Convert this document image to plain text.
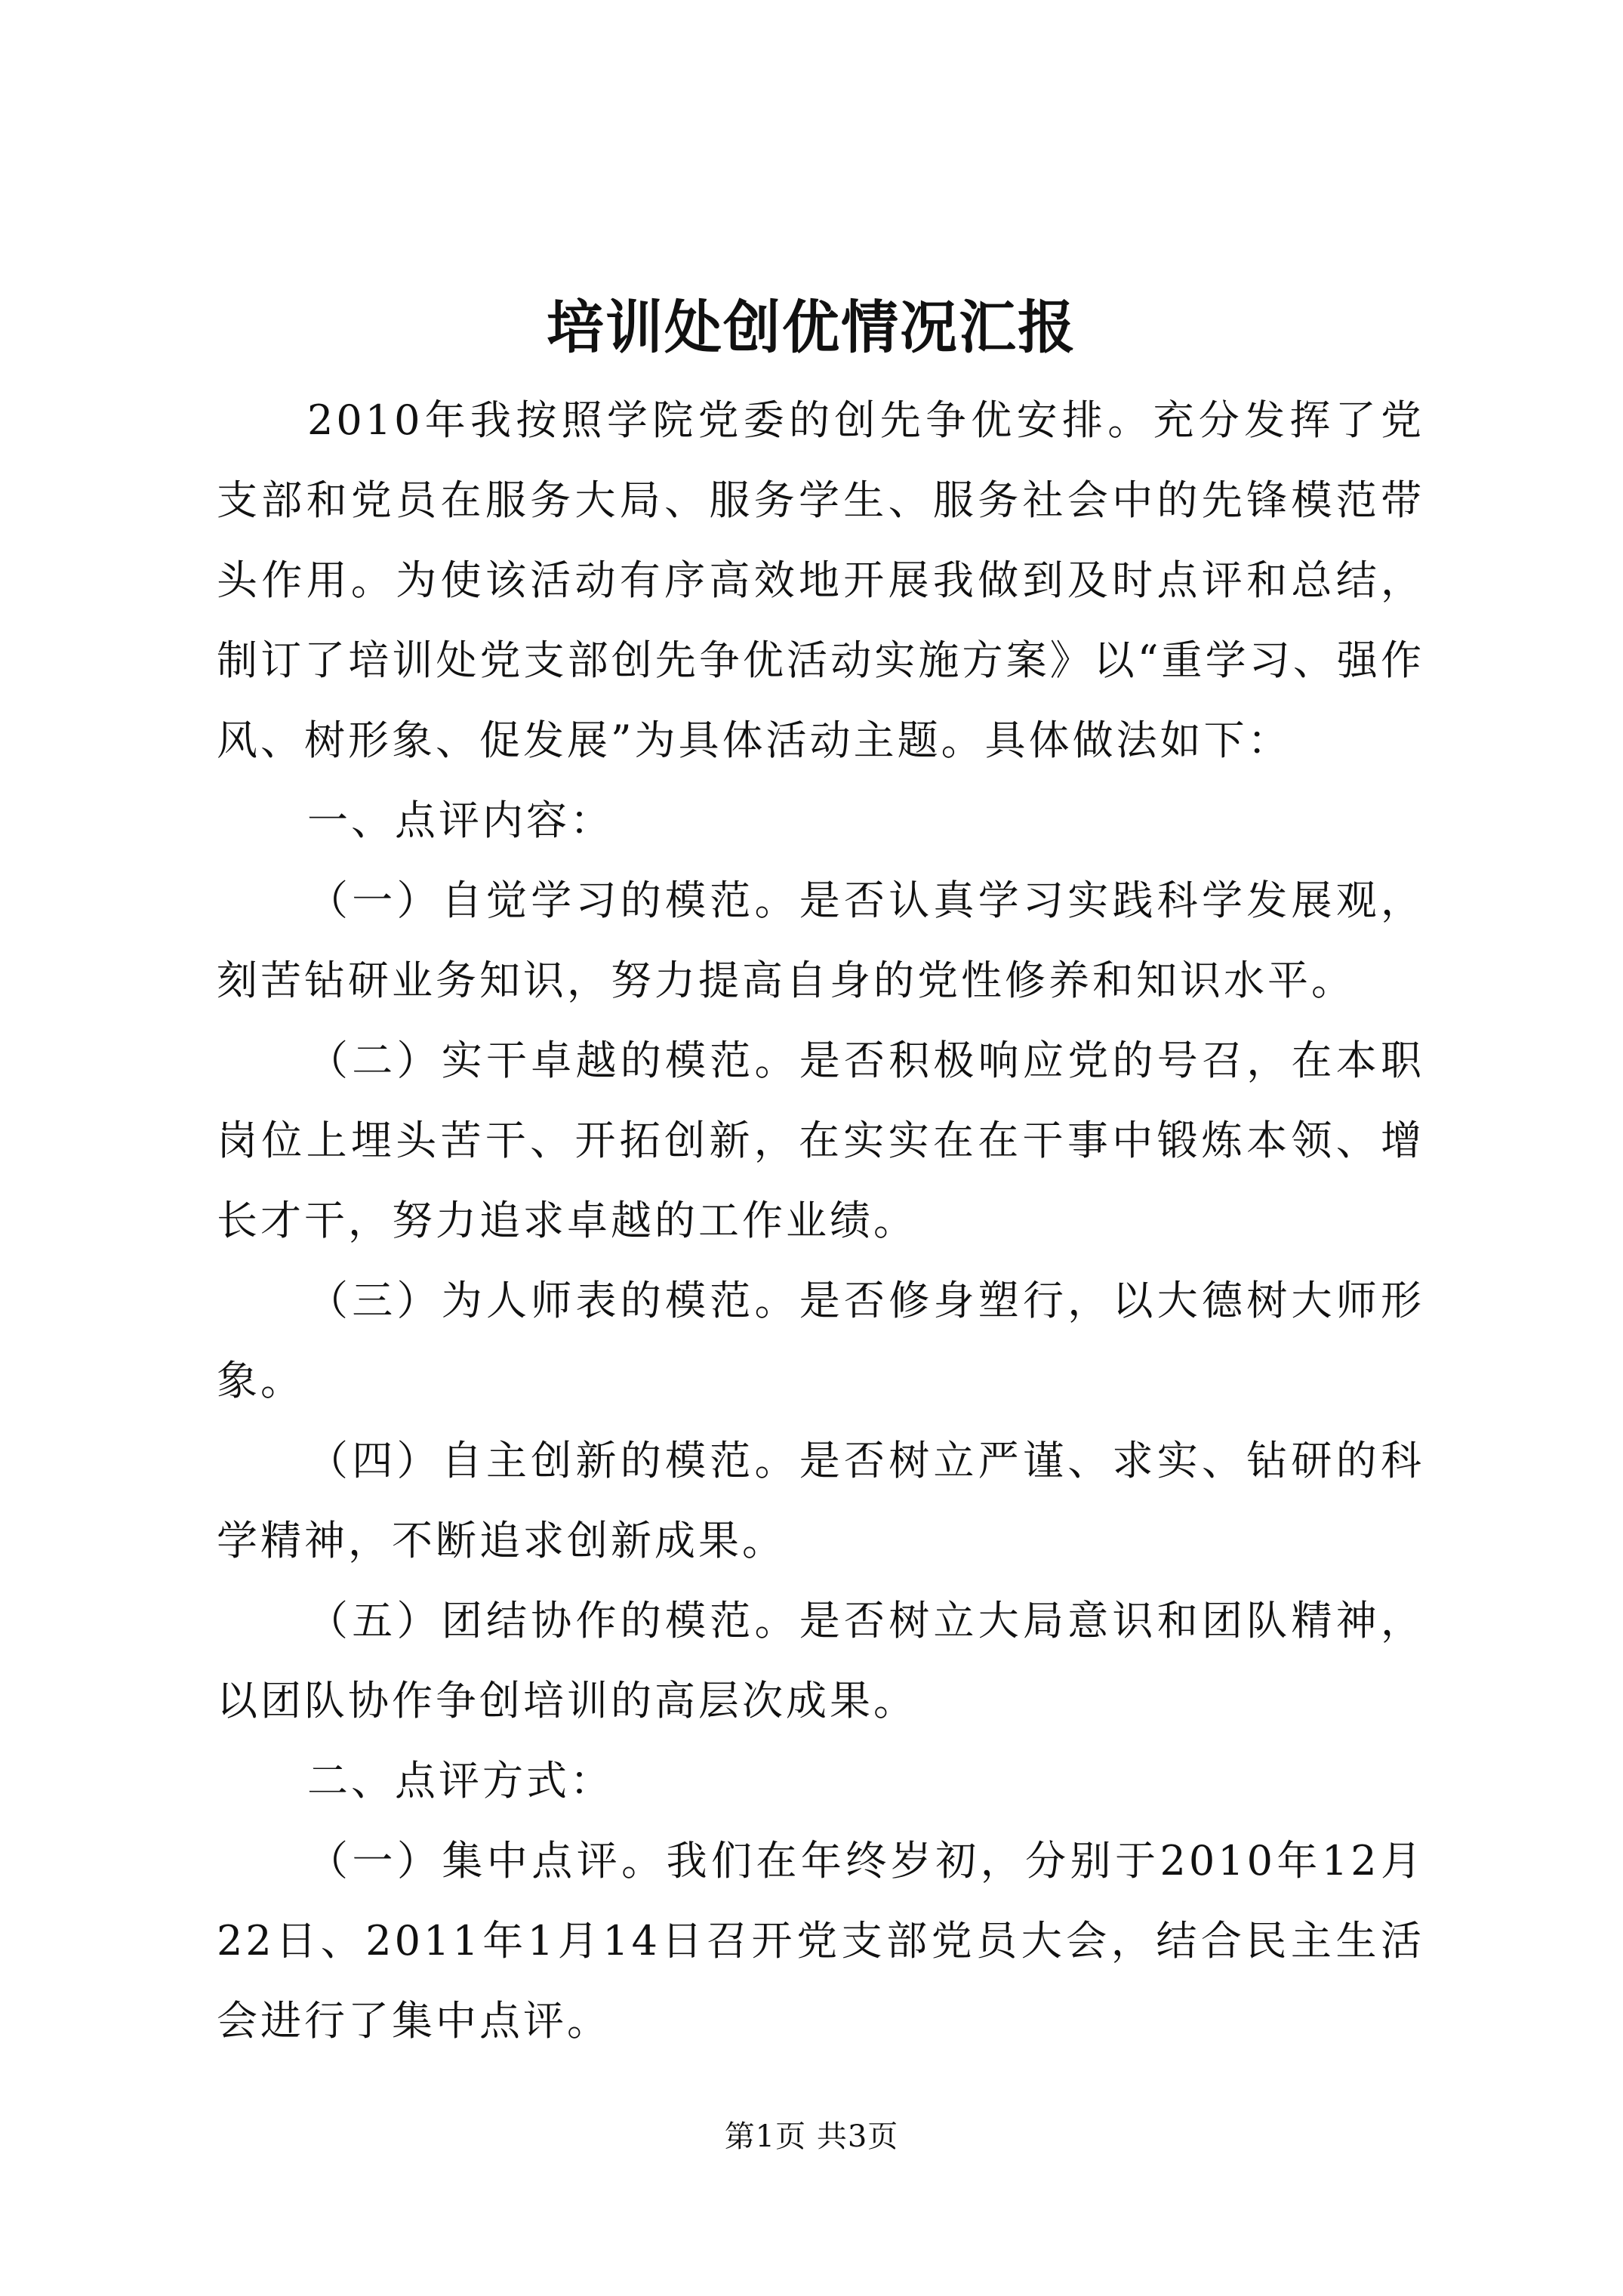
培训处创优情况汇报

2010年我按照学院党委的创先争优安排。充分发挥了党支部和党员在服务大局、服务学生、服务社会中的先锋模范带头作用。为使该活动有序高效地开展我做到及时点评和总结，制订了培训处党支部创先争优活动实施方案》以“重学习、强作风、树形象、促发展”为具体活动主题。具体做法如下：

一、点评内容：

（一）自觉学习的模范。是否认真学习实践科学发展观，刻苦钻研业务知识，努力提高自身的党性修养和知识水平。

（二）实干卓越的模范。是否积极响应党的号召，在本职岗位上埋头苦干、开拓创新，在实实在在干事中锻炼本领、增长才干，努力追求卓越的工作业绩。

（三）为人师表的模范。是否修身塑行，以大德树大师形象。

（四）自主创新的模范。是否树立严谨、求实、钻研的科学精神，不断追求创新成果。

（五）团结协作的模范。是否树立大局意识和团队精神，以团队协作争创培训的高层次成果。

二、点评方式：

（一）集中点评。我们在年终岁初，分别于2010年12月22日、2011年1月14日召开党支部党员大会，结合民主生活会进行了集中点评。

第1页 共3页
